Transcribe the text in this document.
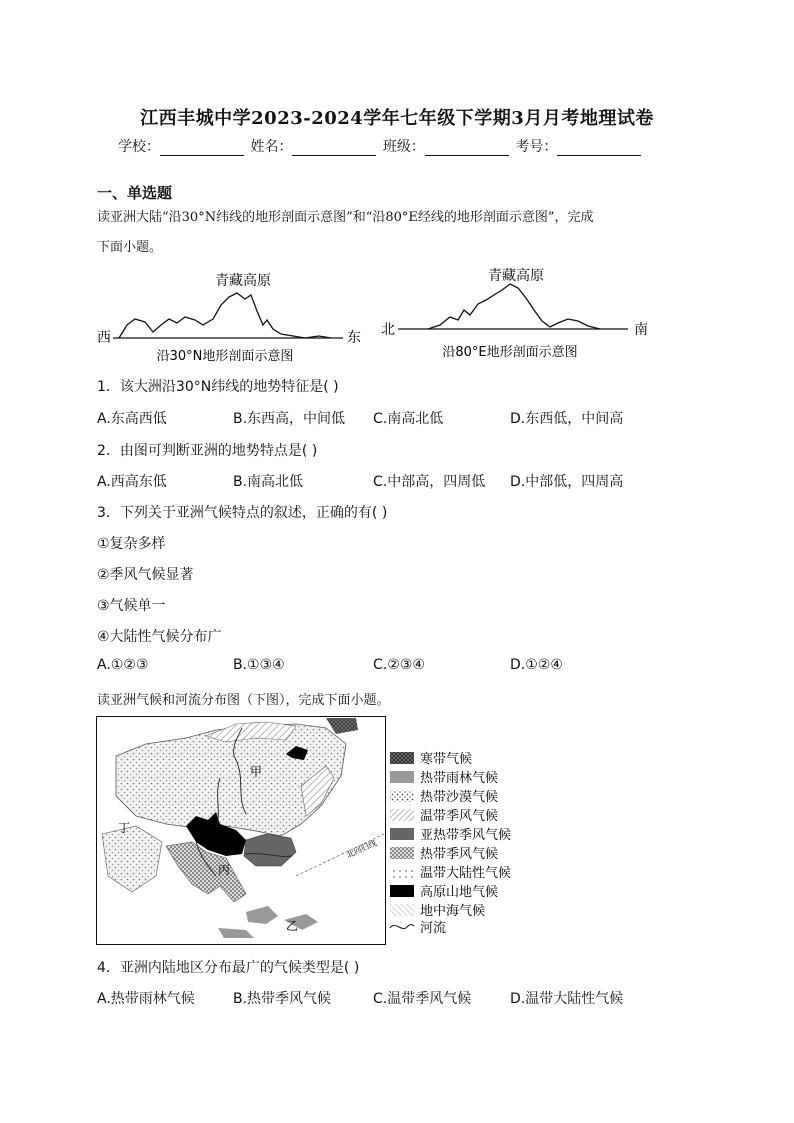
江西丰城中学2023-2024学年七年级下学期3月月考地理试卷
学校：	姓名：	班级：	考号：
一、单选题
读亚洲大陆“沿30°N纬线的地形剖面示意图”和“沿80°E经线的地形剖面示意图”，完成
下面小题。
青藏高原
西	东
沿30°N地形剖面示意图
青藏高原
北	南
沿80°E地形剖面示意图
1．该大洲沿30°N纬线的地势特征是( )
A.东高西低	B.东西高，中间低 C.南高北低	D.东西低，中间高
2．由图可判断亚洲的地势特点是( )
A.西高东低	B.南高北低	C.中部高，四周低 D.中部低，四周高
3．下列关于亚洲气候特点的叙述，正确的有( )
①复杂多样
②季风气候显著
③气候单一
④大陆性气候分布广
A.①②③	B.①③④	C.②③④	D.①②④
读亚洲气候和河流分布图（下图），完成下面小题。
北回归线
甲
丁
丙
乙
寒带气候
热带雨林气候
热带沙漠气候
温带季风气候
亚热带季风气候
热带季风气候
温带大陆性气候
高原山地气候
地中海气候
河流
4．亚洲内陆地区分布最广的气候类型是( )
A.热带雨林气候	B.热带季风气候	C.温带季风气候	D.温带大陆性气候
